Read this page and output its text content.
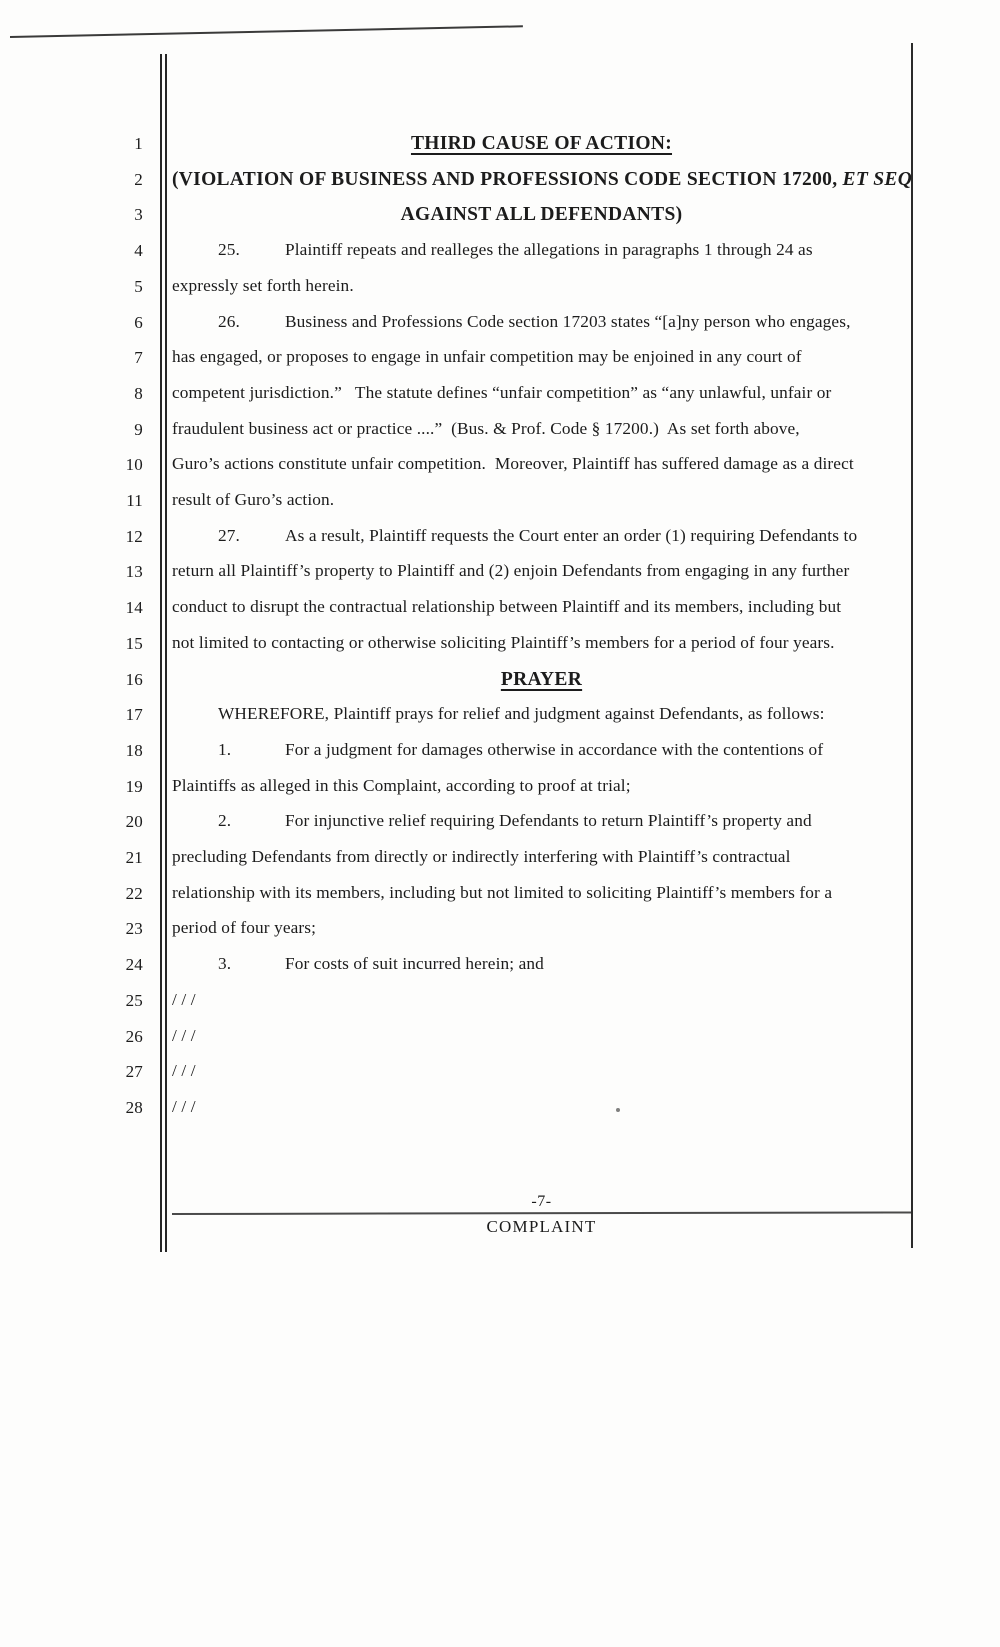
1	THIRD CAUSE OF ACTION:
2 (VIOLATION OF BUSINESS AND PROFESSIONS CODE SECTION 17200, ET SEQ
3	AGAINST ALL DEFENDANTS)
4	25.	Plaintiff repeats and realleges the allegations in paragraphs 1 through 24 as
5 expressly set forth herein.
6	26.	Business and Professions Code section 17203 states “[a]ny person who engages,
7 has engaged, or proposes to engage in unfair competition may be enjoined in any court of
8 competent jurisdiction.”   The statute defines “unfair competition” as “any unlawful, unfair or
9 fraudulent business act or practice ....”  (Bus. & Prof. Code § 17200.)  As set forth above,
10 Guro’s actions constitute unfair competition.  Moreover, Plaintiff has suffered damage as a direct
11 result of Guro’s action.
12	27.	As a result, Plaintiff requests the Court enter an order (1) requiring Defendants to
13 return all Plaintiff’s property to Plaintiff and (2) enjoin Defendants from engaging in any further
14 conduct to disrupt the contractual relationship between Plaintiff and its members, including but
15 not limited to contacting or otherwise soliciting Plaintiff’s members for a period of four years.
16	PRAYER
17	WHEREFORE, Plaintiff prays for relief and judgment against Defendants, as follows:
18	1.	For a judgment for damages otherwise in accordance with the contentions of
19 Plaintiffs as alleged in this Complaint, according to proof at trial;
20	2.	For injunctive relief requiring Defendants to return Plaintiff’s property and
21 precluding Defendants from directly or indirectly interfering with Plaintiff’s contractual
22 relationship with its members, including but not limited to soliciting Plaintiff’s members for a
23 period of four years;
24	3.	For costs of suit incurred herein; and
25 / / /
26 / / /
27 / / /
28 / / /
-7-
COMPLAINT
